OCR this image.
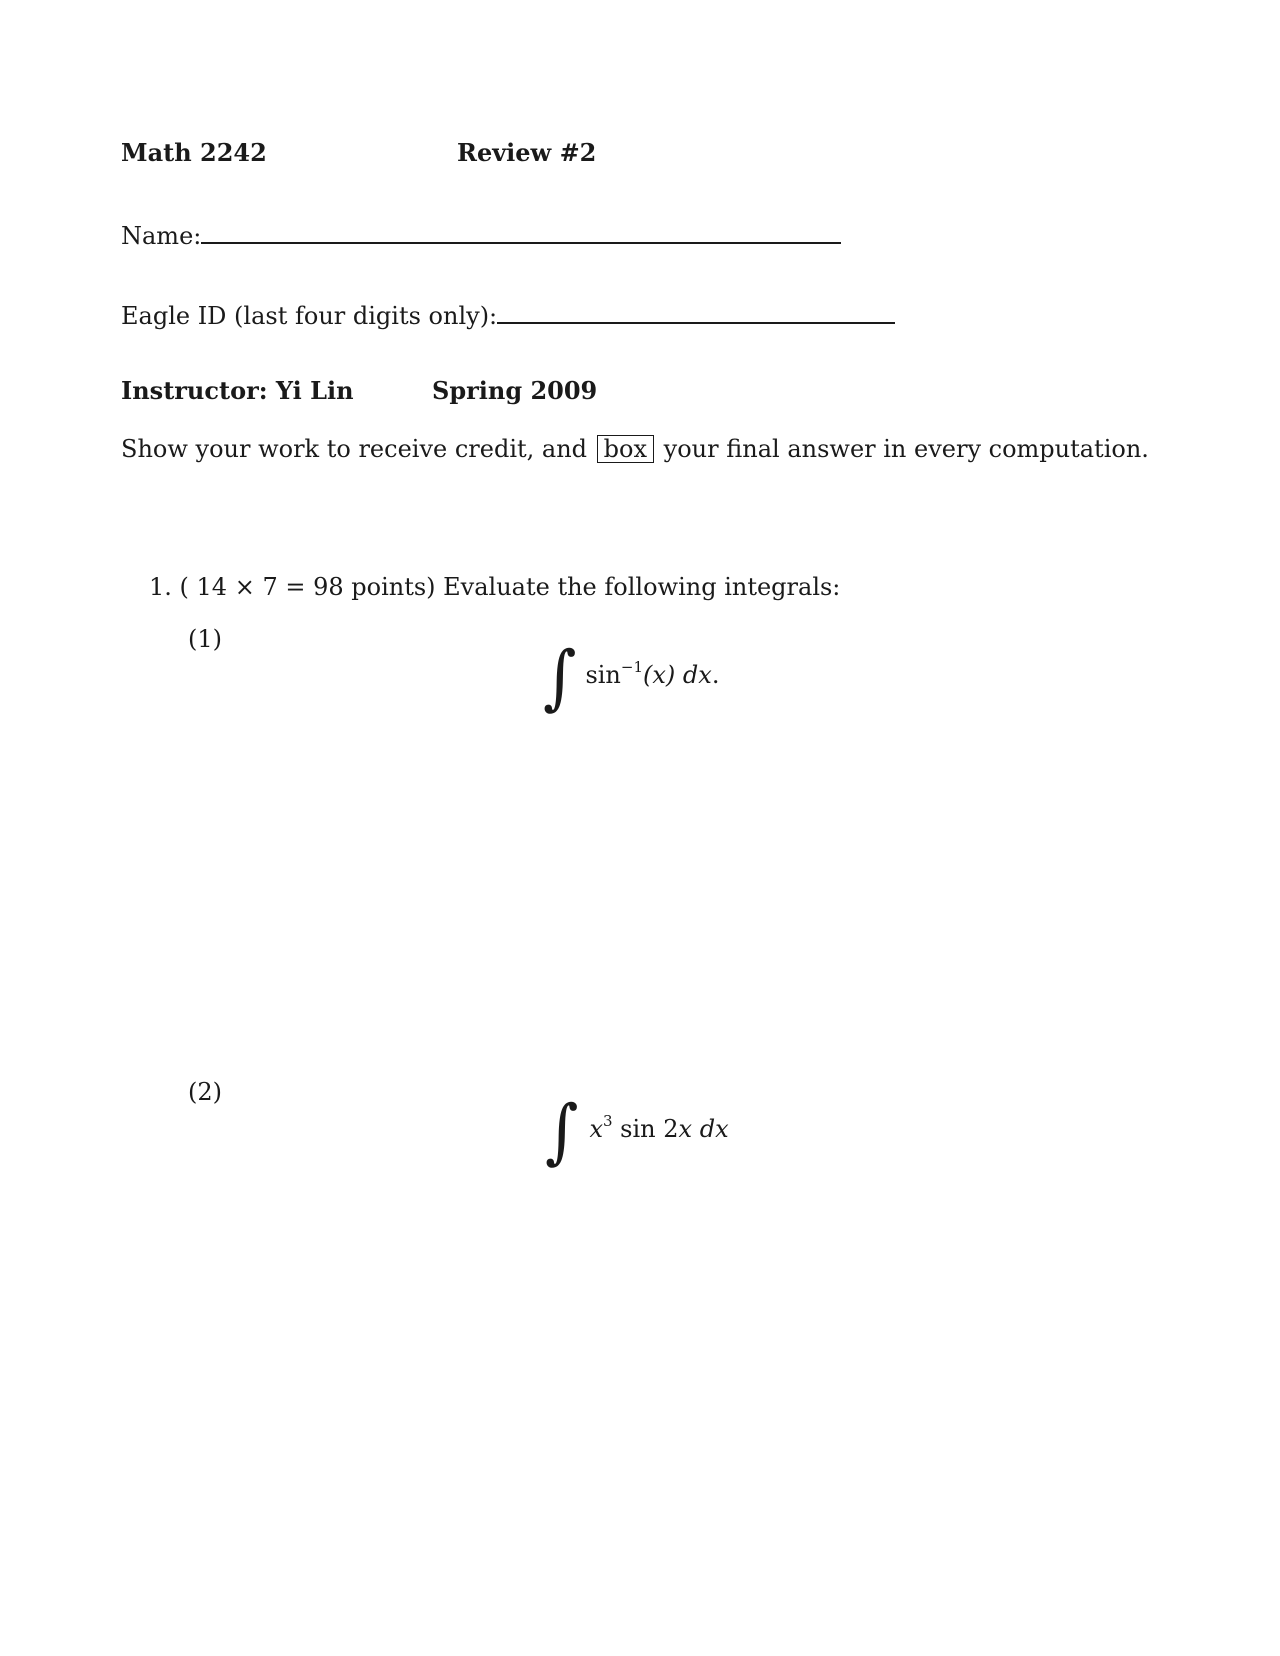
Math 2242	Review #2
Name:
Eagle ID (last four digits only):
Instructor: Yi Lin	Spring 2009
Show your work to receive credit, and box your final answer in every computation.
1. ( 14 × 7 = 98 points) Evaluate the following integrals:
(1)	∫ $\sin^{-1}(x)$ dx.
(2)	∫ $x^3$ sin 2x dx
